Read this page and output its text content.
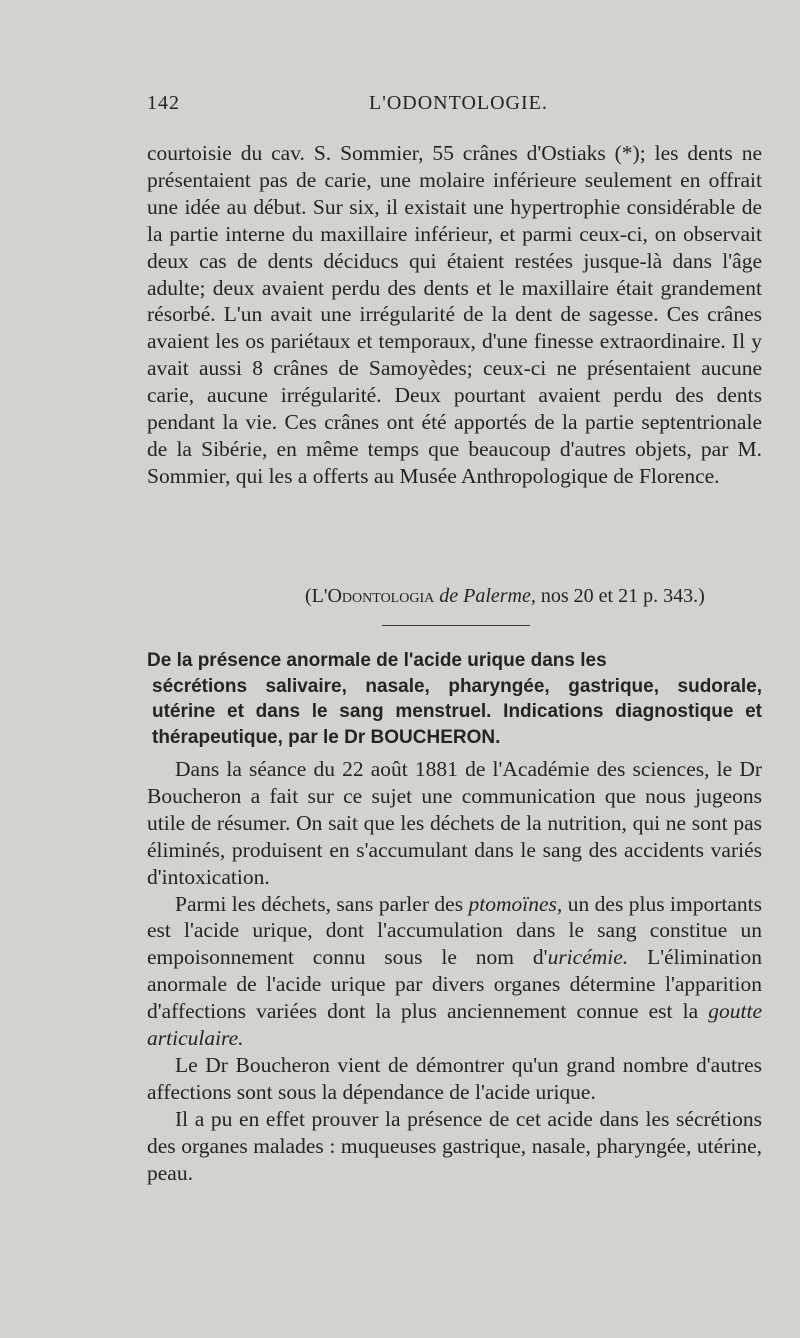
142	L'ODONTOLOGIE.

courtoisie du cav. S. Sommier, 55 crânes d'Ostiaks (*); les dents ne présentaient pas de carie, une molaire inférieure seulement en offrait une idée au début. Sur six, il existait une hypertrophie considérable de la partie interne du maxillaire inférieur, et parmi ceux-ci, on observait deux cas de dents déciducs qui étaient restées jusque-là dans l'âge adulte; deux avaient perdu des dents et le maxillaire était grandement résorbé. L'un avait une irrégularité de la dent de sagesse. Ces crânes avaient les os pariétaux et temporaux, d'une finesse extraordinaire. Il y avait aussi 8 crânes de Samoyèdes; ceux-ci ne présentaient aucune carie, aucune irrégularité. Deux pourtant avaient perdu des dents pendant la vie. Ces crânes ont été apportés de la partie septentrionale de la Sibérie, en même temps que beaucoup d'autres objets, par M. Sommier, qui les a offerts au Musée Anthropologique de Florence.

(L'Odontologia de Palerme, nos 20 et 21 p. 343.)
De la présence anormale de l'acide urique dans les
sécrétions salivaire, nasale, pharyngée, gastrique, sudorale, utérine et dans le sang menstruel. Indications diagnostique et thérapeutique, par le Dr BOUCHERON.

Dans la séance du 22 août 1881 de l'Académie des sciences, le Dr Boucheron a fait sur ce sujet une communication que nous jugeons utile de résumer. On sait que les déchets de la nutrition, qui ne sont pas éliminés, produisent en s'accumulant dans le sang des accidents variés d'intoxication.

Parmi les déchets, sans parler des ptomoïnes, un des plus importants est l'acide urique, dont l'accumulation dans le sang constitue un empoisonnement connu sous le nom d'uricémie. L'élimination anormale de l'acide urique par divers organes détermine l'apparition d'affections variées dont la plus anciennement connue est la goutte articulaire.

Le Dr Boucheron vient de démontrer qu'un grand nombre d'autres affections sont sous la dépendance de l'acide urique.

Il a pu en effet prouver la présence de cet acide dans les sécrétions des organes malades : muqueuses gastrique, nasale, pharyngée, utérine, peau.
